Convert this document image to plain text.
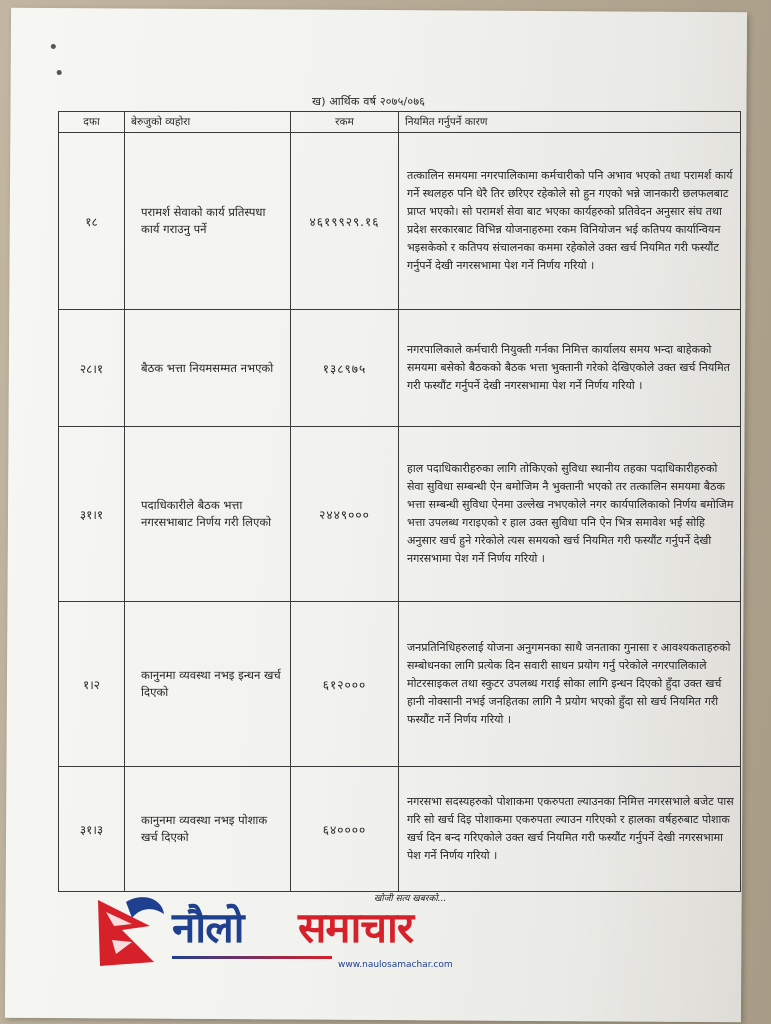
ख) आर्थिक वर्ष २०७५/०७६
दफा	बेरुजुको व्यहोरा	रकम	नियमित गर्नुपर्ने कारण
१८	परामर्श सेवाको कार्य प्रतिस्पधा कार्य गराउनु पर्ने	४६१९९२९.१६	तत्कालिन समयमा नगरपालिकामा कर्मचारीको पनि अभाव भएको तथा परामर्श कार्य गर्ने स्थलहरु पनि धेरै तिर छरिएर रहेकोले सो हुन गएको भन्ने जानकारी छलफलबाट प्राप्त भएको। सो परामर्श सेवा बाट भएका कार्यहरुको प्रतिवेदन अनुसार संघ तथा प्रदेश सरकारबाट विभिन्न योजनाहरुमा रकम विनियोजन भई कतिपय कार्यान्वियन भइसकेको र कतिपय संचालनका कममा रहेकोले उक्त खर्च नियमित गरी फस्यौंट गर्नुपर्ने देखी नगरसभामा पेश गर्ने निर्णय गरियो ।
२८।१	बैठक भत्ता नियमसम्मत नभएको	१३८९७५	नगरपालिकाले कर्मचारी नियुक्ती गर्नका निमित्त कार्यालय समय भन्दा बाहेकको समयमा बसेको बैठकको बैठक भत्ता भुक्तानी गरेको देखिएकोले उक्त खर्च नियमित गरी फस्यौंट गर्नुपर्ने देखी नगरसभामा पेश गर्ने निर्णय गरियो ।
३१।१	पदाधिकारीले बैठक भत्ता नगरसभाबाट निर्णय गरी लिएको	२४४९०००	हाल पदाधिकारीहरुका लागि तोकिएको सुविधा स्थानीय तहका पदाधिकारीहरुको सेवा सुविधा सम्बन्धी ऐन बमोजिम नै भुक्तानी भएको तर तत्कालिन समयमा बैठक भत्ता सम्बन्धी सुविधा ऐनमा उल्लेख नभएकोले नगर कार्यपालिकाको निर्णय बमोजिम भत्ता उपलब्ध गराइएको र हाल उक्त सुविधा पनि ऐन भित्र समावेश भई सोहि अनुसार खर्च हुने गरेकोले त्यस समयको खर्च नियमित गरी फस्यौंट गर्नुपर्ने देखी नगरसभामा पेश गर्ने निर्णय गरियो ।
१।२	कानुनमा व्यवस्था नभइ इन्धन खर्च दिएको	६१२०००	जनप्रतिनिधिहरुलाई योजना अनुगमनका साथै जनताका गुनासा र आवश्यकताहरुको सम्बोधनका लागि प्रत्येक दिन सवारी साधन प्रयोग गर्नु परेकोले नगरपालिकाले मोटरसाइकल तथा स्कुटर उपलब्ध गराई सोका लागि इन्धन दिएको हुँदा उक्त खर्च हानी नोक्सानी नभई जनहितका लागि नै प्रयोग भएको हुँदा सो खर्च नियमित गरी फस्यौंट गर्ने निर्णय गरियो ।
३१।३	कानुनमा व्यवस्था नभइ पोशाक खर्च दिएको	६४००००	नगरसभा सदस्यहरुको पोशाकमा एकरुपता ल्याउनका निमित्त नगरसभाले बजेट पास गरि सो खर्च दिइ पोशाकमा एकरुपता ल्याउन गरिएको र हालका वर्षहरुबाट पोशाक खर्च दिन बन्द गरिएकोले उक्त खर्च नियमित गरी फस्यौंट गर्नुपर्ने देखी नगरसभामा पेश गर्ने निर्णय गरियो ।
खोजी सत्य खबरको...
नौलो समाचार
www.naulosamachar.com
